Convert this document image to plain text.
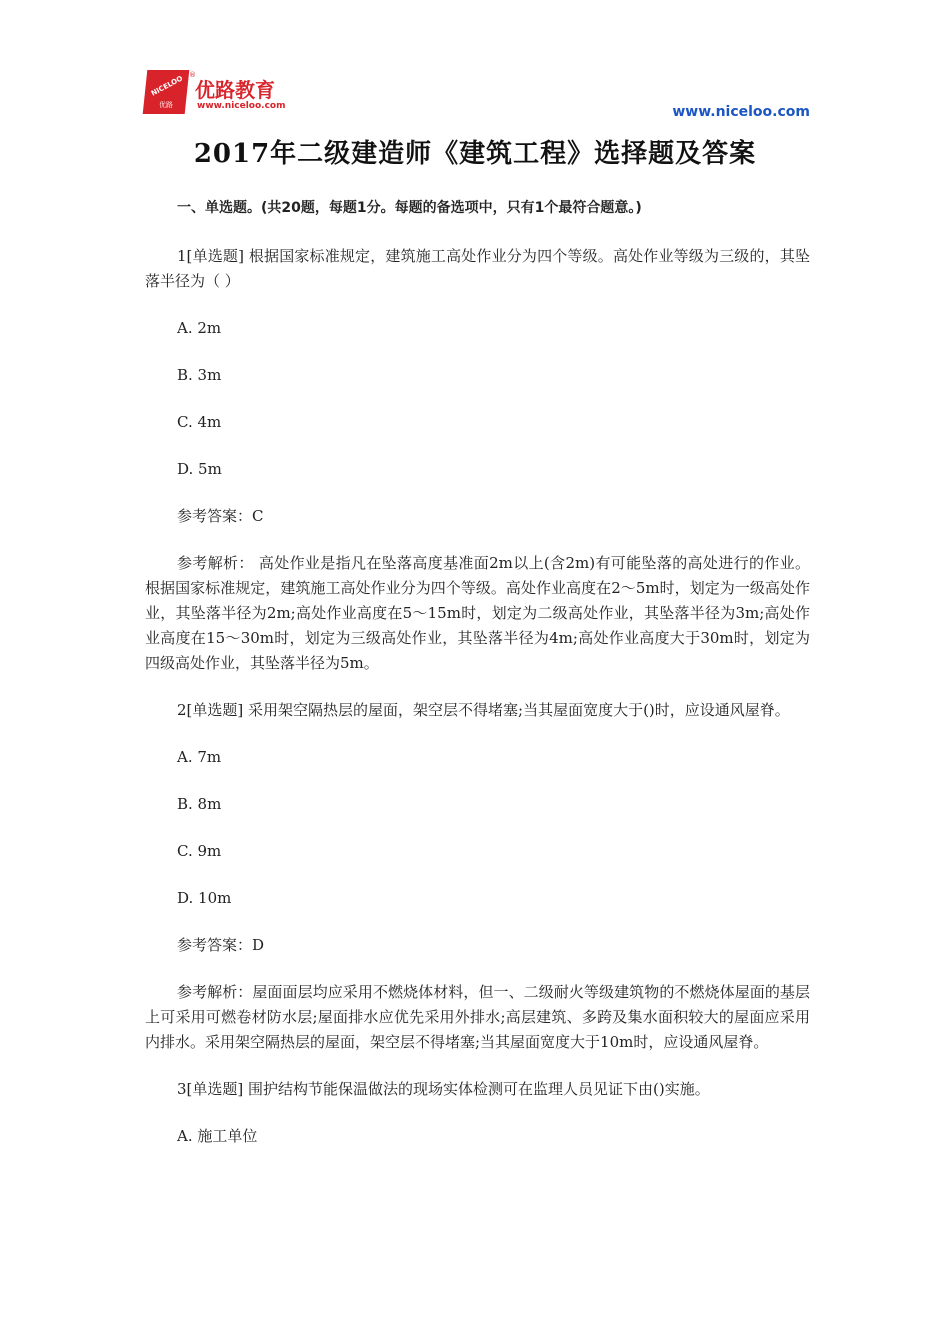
NICELOO
优路
®
优路教育
www.niceloo.com	www.niceloo.com
2017年二级建造师《建筑工程》选择题及答案

一、单选题。(共20题，每题1分。每题的备选项中，只有1个最符合题意。)

1[单选题] 根据国家标准规定，建筑施工高处作业分为四个等级。高处作业等级为三级的，其坠落半径为（ ）

A. 2m

B. 3m

C. 4m

D. 5m

参考答案：C

参考解析： 高处作业是指凡在坠落高度基准面2m以上(含2m)有可能坠落的高处进行的作业。根据国家标准规定，建筑施工高处作业分为四个等级。高处作业高度在2～5m时，划定为一级高处作业，其坠落半径为2m;高处作业高度在5～15m时，划定为二级高处作业，其坠落半径为3m;高处作业高度在15～30m时，划定为三级高处作业，其坠落半径为4m;高处作业高度大于30m时，划定为四级高处作业，其坠落半径为5m。

2[单选题] 采用架空隔热层的屋面，架空层不得堵塞;当其屋面宽度大于()时，应设通风屋脊。

A. 7m

B. 8m

C. 9m

D. 10m

参考答案：D

参考解析：屋面面层均应采用不燃烧体材料，但一、二级耐火等级建筑物的不燃烧体屋面的基层上可采用可燃卷材防水层;屋面排水应优先采用外排水;高层建筑、多跨及集水面积较大的屋面应采用内排水。采用架空隔热层的屋面，架空层不得堵塞;当其屋面宽度大于10m时，应设通风屋脊。

3[单选题] 围护结构节能保温做法的现场实体检测可在监理人员见证下由()实施。

A. 施工单位
